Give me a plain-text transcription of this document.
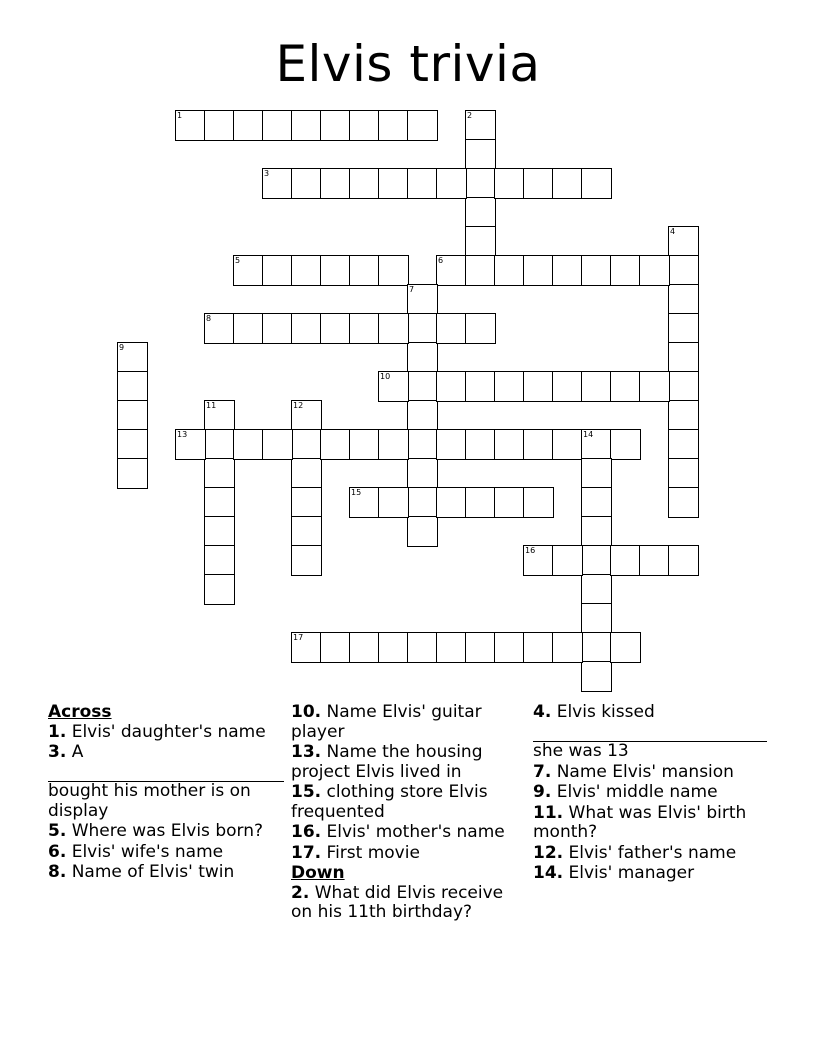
Elvis trivia
1	2
3
4
5	6
7
8
9
10
11	12
13	14
15
16
17
Across
1. Elvis' daughter's name
3. A

bought his mother is on display
5. Where was Elvis born?
6. Elvis' wife's name
8. Name of Elvis' twin
10. Name Elvis' guitar player
13. Name the housing project Elvis lived in
15. clothing store Elvis frequented
16. Elvis' mother's name
17. First movie
Down
2. What did Elvis receive on his 11th birthday?
4. Elvis kissed

she was 13
7. Name Elvis' mansion
9. Elvis' middle name
11. What was Elvis' birth month?
12. Elvis' father's name
14. Elvis' manager
